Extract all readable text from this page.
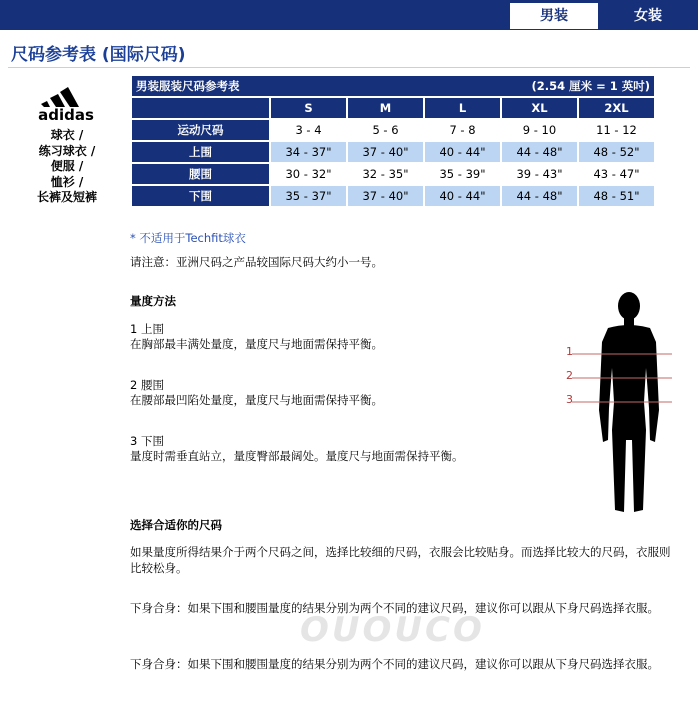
男装	女装
尺码参考表 (国际尺码)
adidas
球衣 /
练习球衣 /
便服 /
恤衫 /
长裤及短裤
男装服装尺码参考表 (2.54 厘米 = 1 英吋)					

	S	M	L	XL	2XL
运动尺码	3 - 4	5 - 6	7 - 8	9 - 10	11 - 12
上围	34 - 37"	37 - 40"	40 - 44"	44 - 48"	48 - 52"
腰围	30 - 32"	32 - 35"	35 - 39"	39 - 43"	43 - 47"
下围	35 - 37"	37 - 40"	40 - 44"	44 - 48"	48 - 51"
* 不适用于Techfit球衣
请注意：亚洲尺码之产品较国际尺码大约小一号。
量度方法
1 上围
在胸部最丰满处量度，量度尺与地面需保持平衡。
2 腰围
在腰部最凹陷处量度，量度尺与地面需保持平衡。
3 下围
量度时需垂直站立，量度臀部最阔处。量度尺与地面需保持平衡。
1
2
3
选择合适你的尺码
如果量度所得结果介于两个尺码之间，选择比较细的尺码，衣服会比较贴身。而选择比较大的尺码，衣服则比较松身。
下身合身：如果下围和腰围量度的结果分别为两个不同的建议尺码，建议你可以跟从下身尺码选择衣服。
OUOUCO
下身合身：如果下围和腰围量度的结果分别为两个不同的建议尺码，建议你可以跟从下身尺码选择衣服。
